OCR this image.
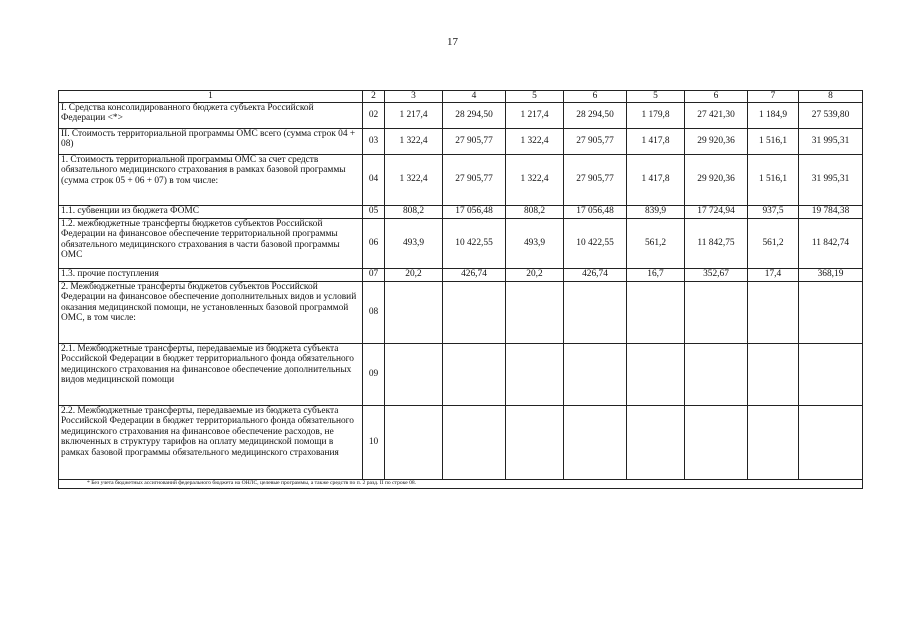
17
1	2	3	4	5	6	5	6	7	8
I. Средства консолидированного бюджета субъекта Российской Федерации <*>	02	1 217,4	28 294,50	1 217,4	28 294,50	1 179,8	27 421,30	1 184,9	27 539,80
II. Стоимость территориальной программы ОМС всего (сумма строк 04 + 08)	03	1 322,4	27 905,77	1 322,4	27 905,77	1 417,8	29 920,36	1 516,1	31 995,31
1. Стоимость территориальной программы ОМС за счет средств обязательного медицинского страхования в рамках базовой программы (сумма строк 05 + 06 + 07) в том числе:	04	1 322,4	27 905,77	1 322,4	27 905,77	1 417,8	29 920,36	1 516,1	31 995,31
1.1. субвенции из бюджета ФОМС	05	808,2	17 056,48	808,2	17 056,48	839,9	17 724,94	937,5	19 784,38
1.2. межбюджетные трансферты бюджетов субъектов Российской Федерации на финансовое обеспечение территориальной программы обязательного медицинского страхования в части базовой программы ОМС	06	493,9	10 422,55	493,9	10 422,55	561,2	11 842,75	561,2	11 842,74
1.3. прочие поступления	07	20,2	426,74	20,2	426,74	16,7	352,67	17,4	368,19
2. Межбюджетные трансферты бюджетов субъектов Российской Федерации на финансовое обеспечение дополнительных видов и условий оказания медицинской помощи, не установленных базовой программой ОМС, в том числе:	08								
2.1. Межбюджетные трансферты, передаваемые из бюджета субъекта Российской Федерации в бюджет территориального фонда обязательного медицинского страхования на финансовое обеспечение дополнительных видов медицинской помощи	09								
2.2. Межбюджетные трансферты, передаваемые из бюджета субъекта Российской Федерации в бюджет территориального фонда обязательного медицинского страхования на финансовое обеспечение расходов, не включенных в структуру тарифов на оплату медицинской помощи в рамках базовой программы обязательного медицинского страхования	10								
* Без учета бюджетных ассигнований федерального бюджета на ОНЛС, целевые программы, а также средств по п. 2 разд. II по строке 08.									
